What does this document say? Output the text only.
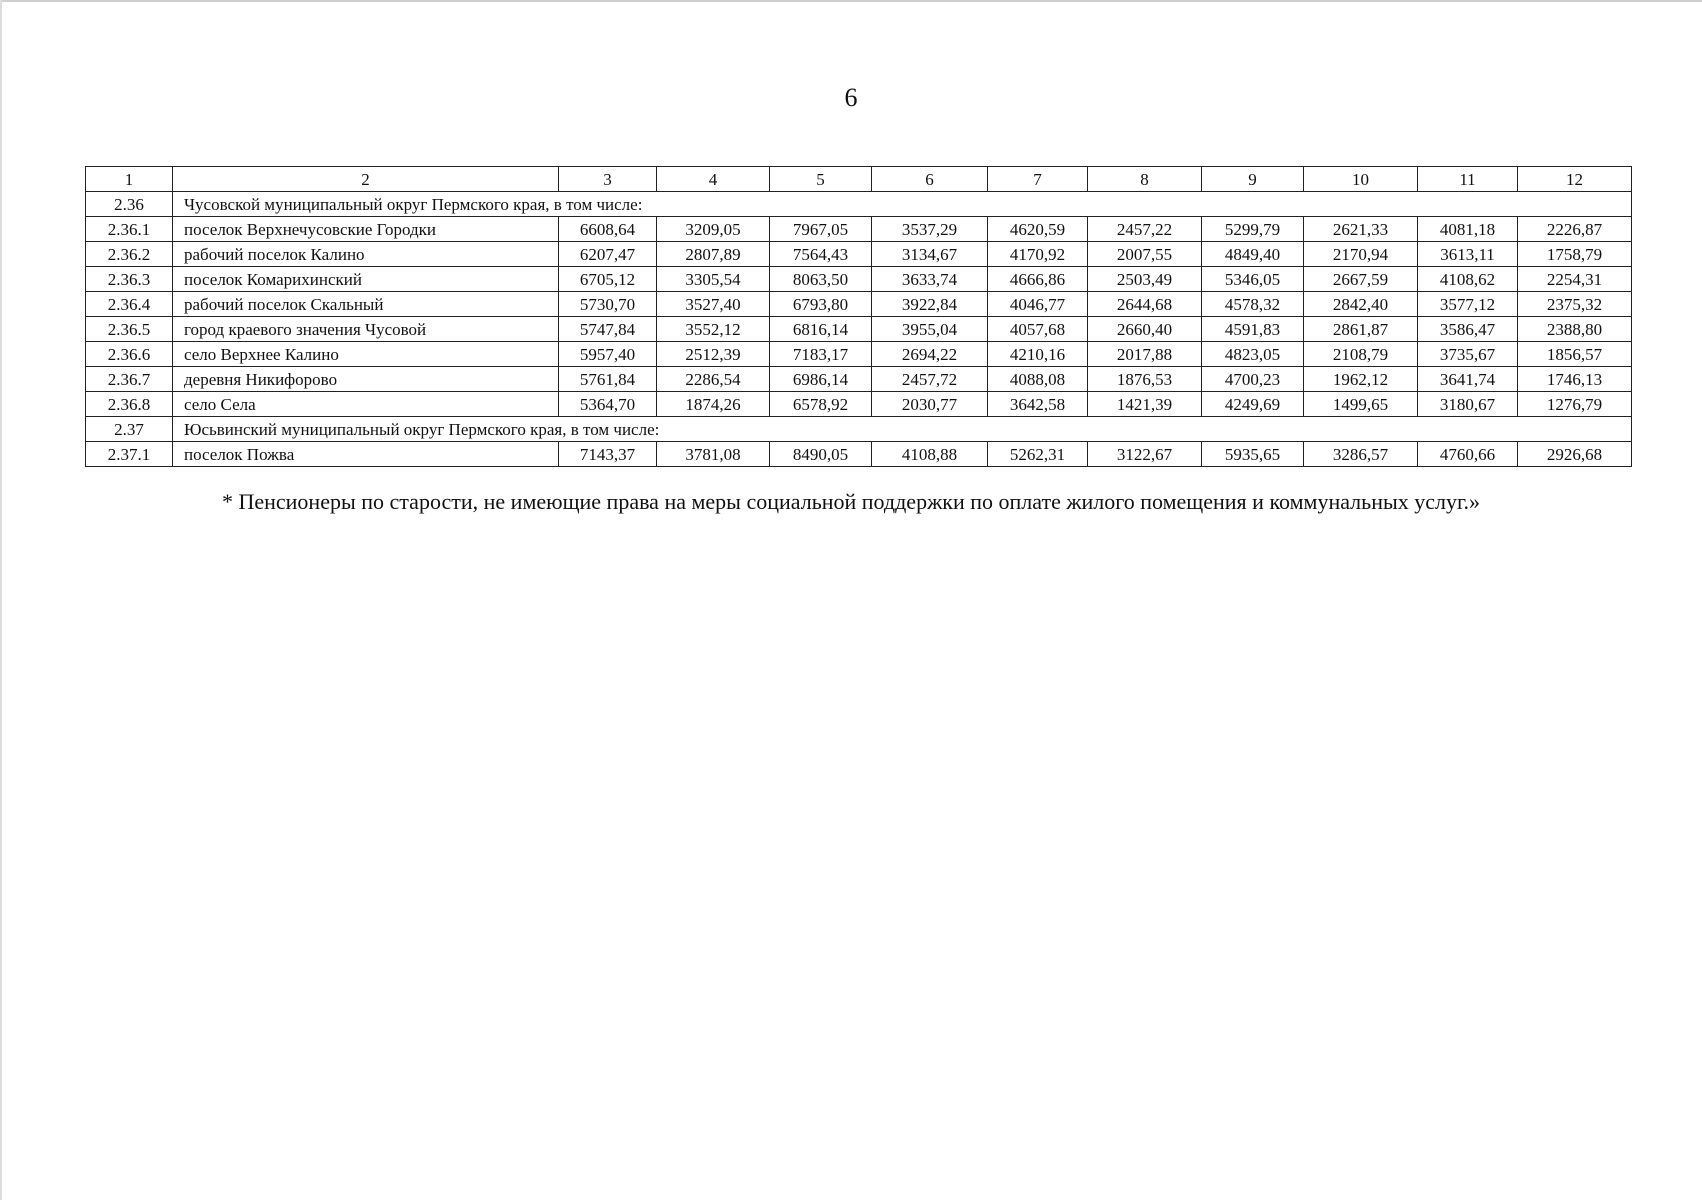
6
1	2	3	4	5	6	7	8	9	10	11	12
2.36	Чусовской муниципальный округ Пермского края, в том числе:										
2.36.1	поселок Верхнечусовские Городки	6608,64	3209,05	7967,05	3537,29	4620,59	2457,22	5299,79	2621,33	4081,18	2226,87
2.36.2	рабочий поселок Калино	6207,47	2807,89	7564,43	3134,67	4170,92	2007,55	4849,40	2170,94	3613,11	1758,79
2.36.3	поселок Комарихинский	6705,12	3305,54	8063,50	3633,74	4666,86	2503,49	5346,05	2667,59	4108,62	2254,31
2.36.4	рабочий поселок Скальный	5730,70	3527,40	6793,80	3922,84	4046,77	2644,68	4578,32	2842,40	3577,12	2375,32
2.36.5	город краевого значения Чусовой	5747,84	3552,12	6816,14	3955,04	4057,68	2660,40	4591,83	2861,87	3586,47	2388,80
2.36.6	село Верхнее Калино	5957,40	2512,39	7183,17	2694,22	4210,16	2017,88	4823,05	2108,79	3735,67	1856,57
2.36.7	деревня Никифорово	5761,84	2286,54	6986,14	2457,72	4088,08	1876,53	4700,23	1962,12	3641,74	1746,13
2.36.8	село Села	5364,70	1874,26	6578,92	2030,77	3642,58	1421,39	4249,69	1499,65	3180,67	1276,79
2.37	Юсьвинский муниципальный округ Пермского края, в том числе:										
2.37.1	поселок Пожва	7143,37	3781,08	8490,05	4108,88	5262,31	3122,67	5935,65	3286,57	4760,66	2926,68
* Пенсионеры по старости, не имеющие права на меры социальной поддержки по оплате жилого помещения и коммунальных услуг.»
